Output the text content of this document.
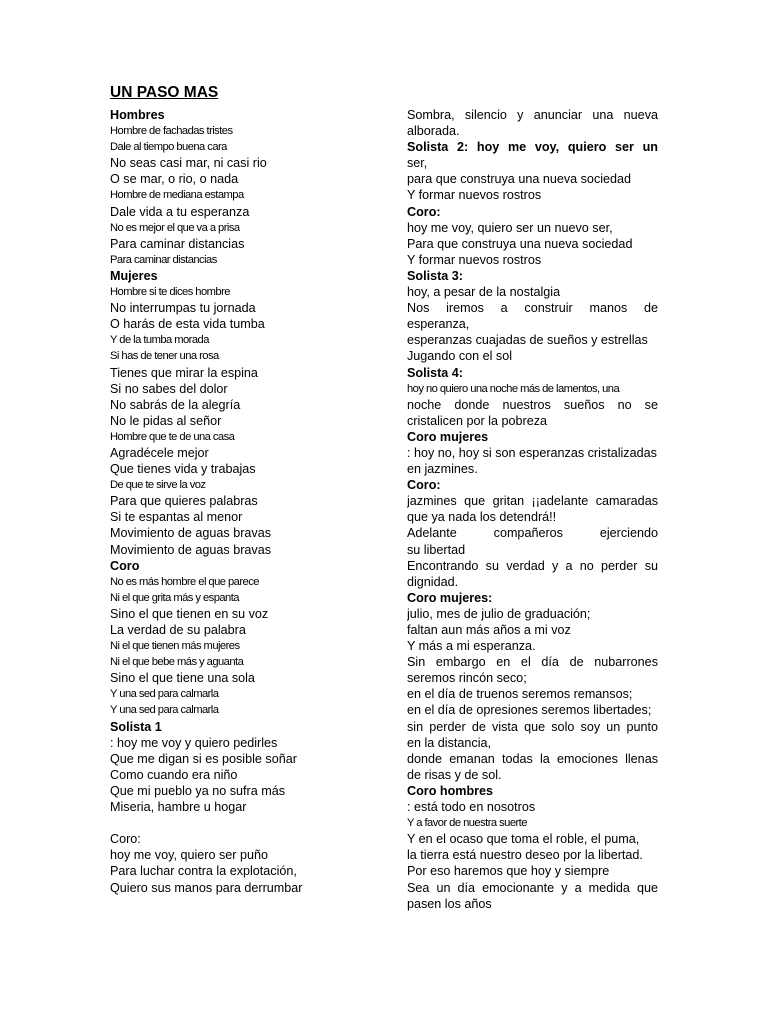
UN PASO MAS
Hombres
Hombre de fachadas tristes
Dale al tiempo buena cara
No seas casi mar, ni casi rio
O se mar, o rio, o nada
Hombre de mediana estampa
Dale vida a tu esperanza
No es mejor el que va a prisa
Para caminar distancias
Para caminar distancias
Mujeres
Hombre si te dices hombre
No interrumpas tu jornada
O harás de esta vida tumba
Y de la tumba morada
Si has de tener una rosa
Tienes que mirar la espina
Si no sabes del dolor
No sabrás de la alegría
No le pidas al señor
Hombre que te de una casa
Agradécele mejor
Que tienes vida y trabajas
De que te sirve la voz
Para que quieres palabras
Si te espantas al menor
Movimiento de aguas bravas
Movimiento de aguas bravas
Coro
No es más hombre el que parece
Ni el que grita más y espanta
Sino el que tienen en su voz
La verdad de su palabra
Ni el que tienen más mujeres
Ni el que bebe más y aguanta
Sino el que tiene una sola
Y una sed para calmarla
Y una sed para calmarla
Solista 1
: hoy me voy y quiero pedirles
Que me digan si es posible soñar
Como cuando era niño
Que mi pueblo ya no sufra más
Miseria, hambre u hogar
Coro:
hoy me voy, quiero ser puño
Para luchar contra la explotación,
Quiero sus manos para derrumbar
Sombra, silencio y anunciar una nueva
alborada.
Solista 2: hoy me voy, quiero ser un
ser,
para que construya una nueva sociedad
Y formar nuevos rostros
Coro:
hoy me voy, quiero ser un nuevo ser,
Para que construya una nueva sociedad
Y formar nuevos rostros
Solista 3:
hoy, a pesar de la nostalgia
Nos iremos a construir manos de
esperanza,
esperanzas cuajadas de sueños y estrellas
Jugando con el sol
Solista 4:
hoy no quiero una noche más de lamentos, una
noche donde nuestros sueños no se
cristalicen por la pobreza
Coro mujeres
: hoy no, hoy si son esperanzas cristalizadas
en jazmines.
Coro:
jazmines que gritan ¡¡adelante camaradas
que ya nada los detendrá!!
Adelante compañeros ejerciendo
su libertad
Encontrando su verdad y a no perder su
dignidad.
Coro mujeres:
julio, mes de julio de graduación;
faltan aun más años a mi voz
Y más a mi esperanza.
Sin embargo en el día de nubarrones
seremos rincón seco;
en el día de truenos seremos remansos;
en el día de opresiones seremos libertades;
sin perder de vista que solo soy un punto
en la distancia,
donde emanan todas la emociones llenas
de risas y de sol.
Coro hombres
: está todo en nosotros
Y a favor de nuestra suerte
Y en el ocaso que toma el roble, el puma,
la tierra está nuestro deseo por la libertad.
Por eso haremos que hoy y siempre
Sea un día emocionante y a medida que
pasen los años
